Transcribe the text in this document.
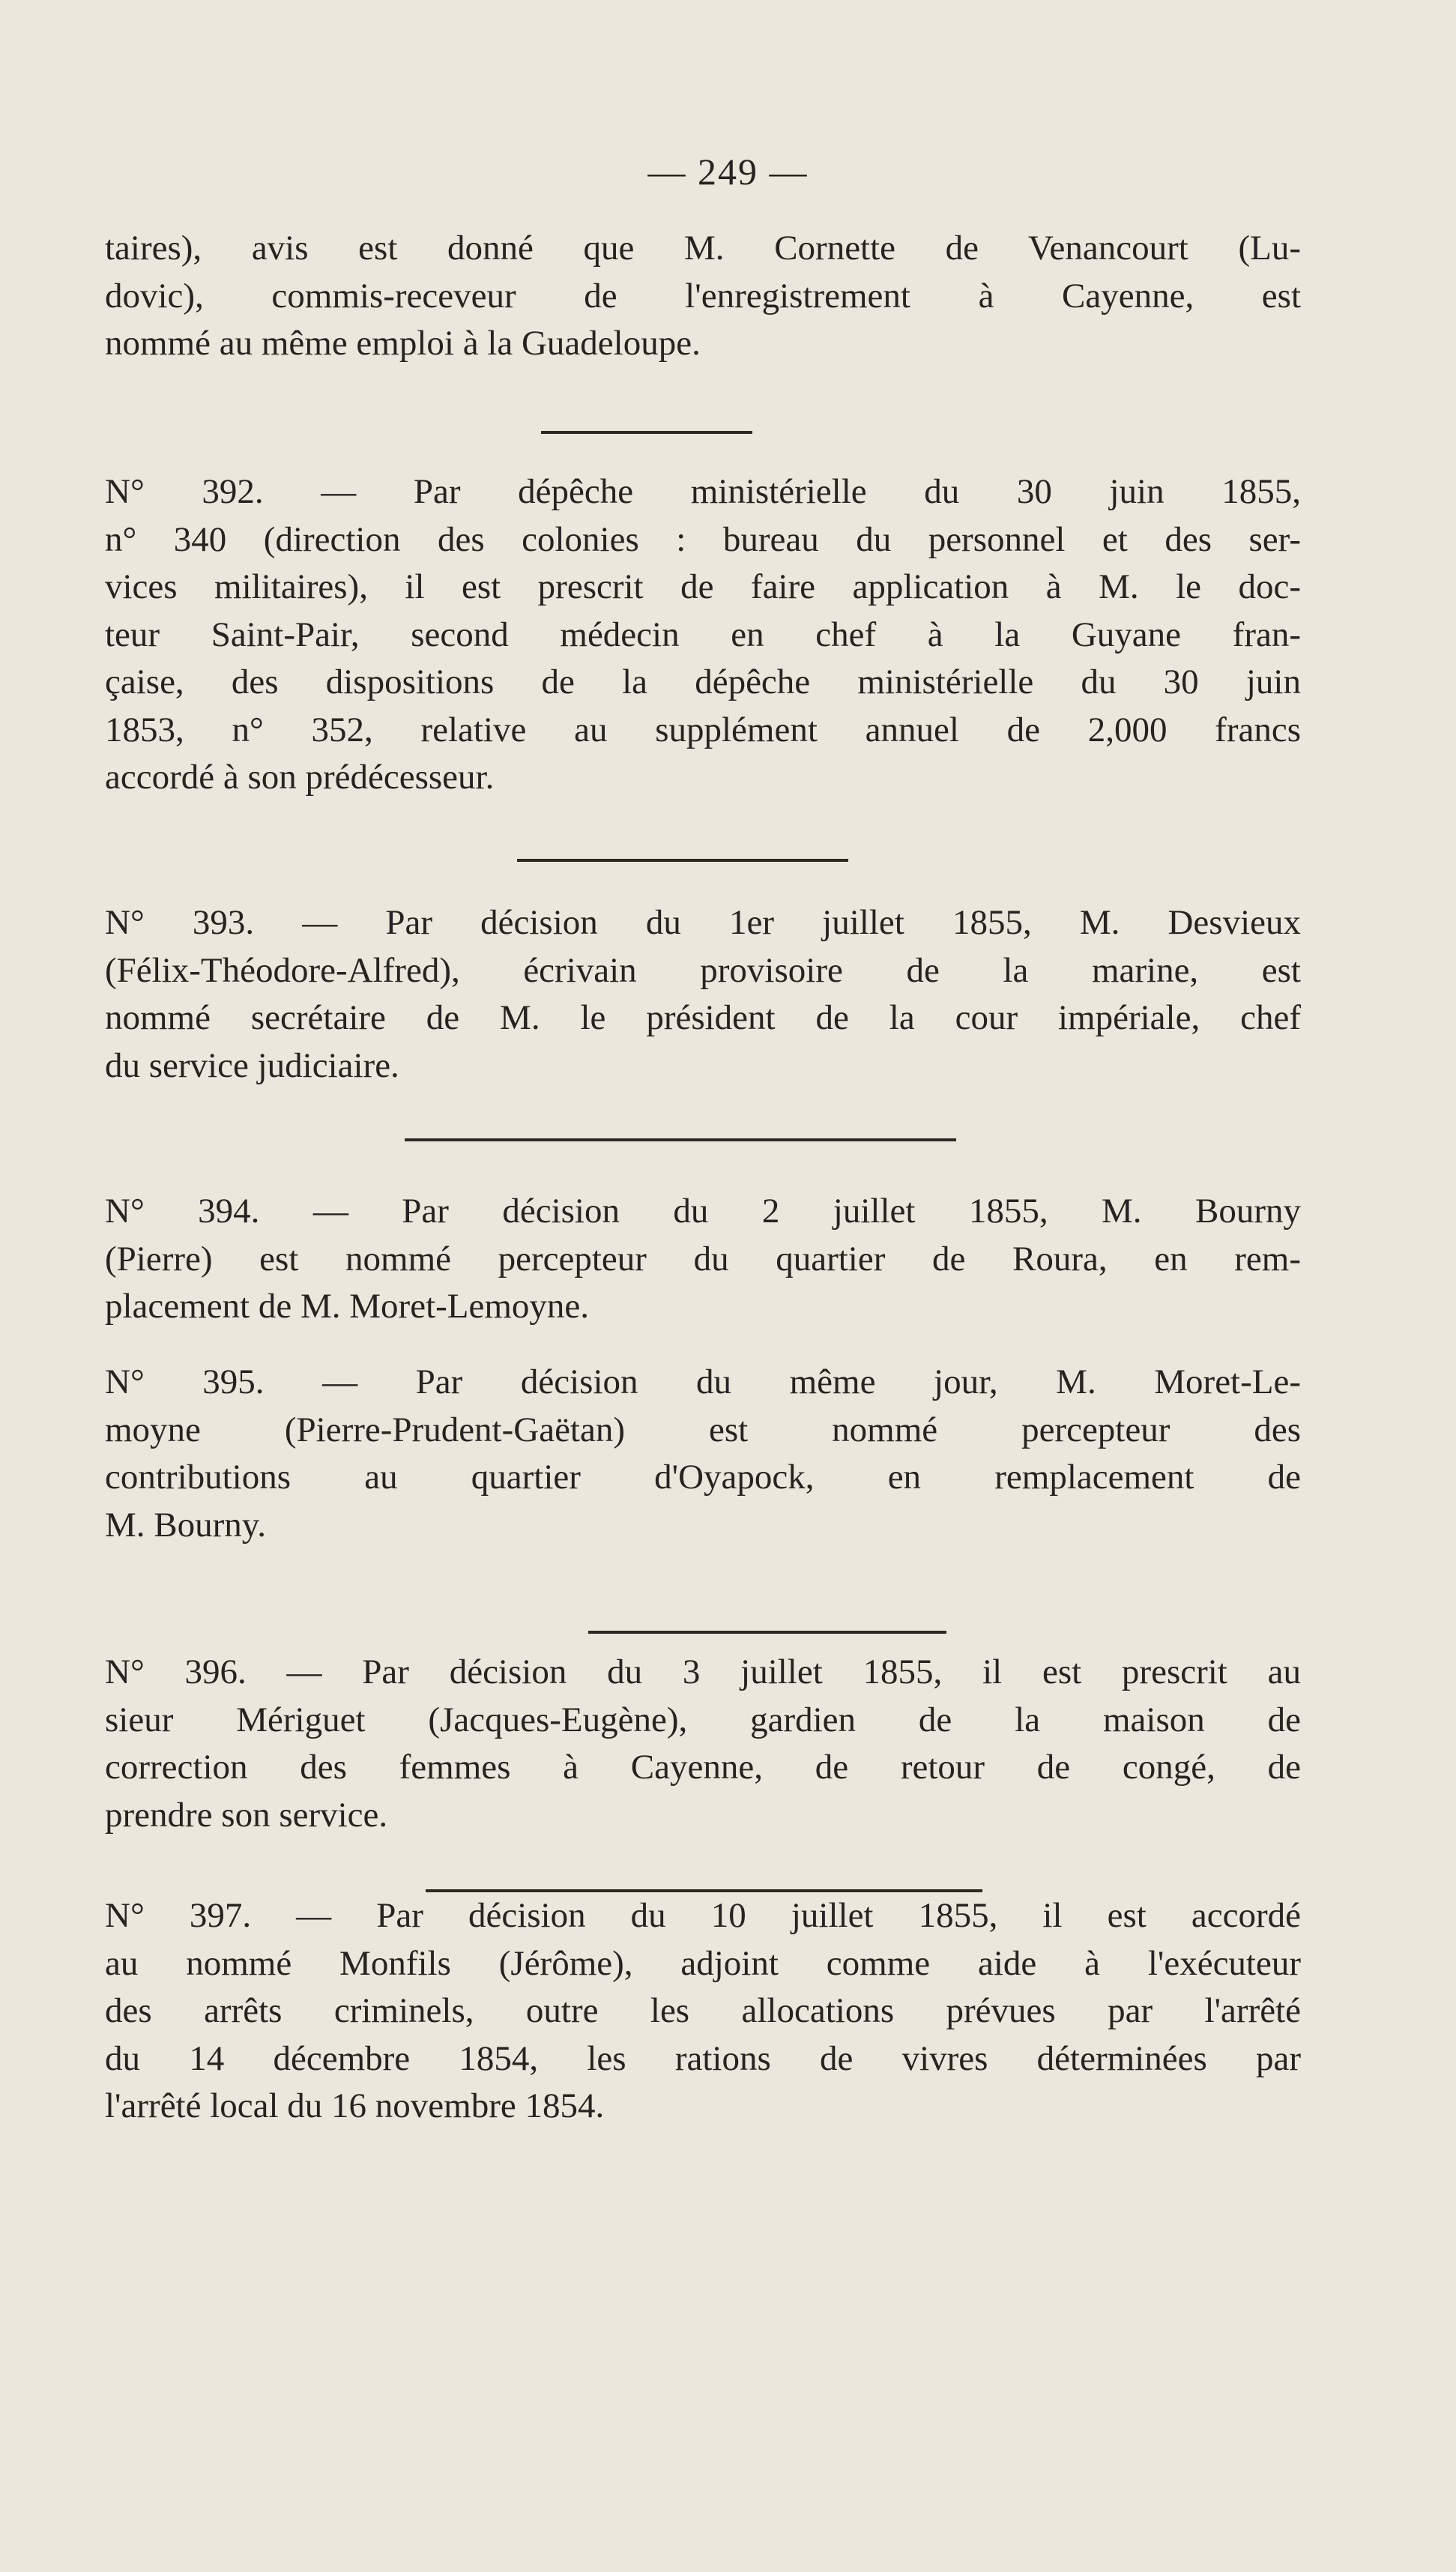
— 249 —
taires), avis est donné que M. Cornette de Venancourt (Lu-
dovic), commis-receveur de l'enregistrement à Cayenne, est
nommé au même emploi à la Guadeloupe.
N° 392. — Par dépêche ministérielle du 30 juin 1855,
n° 340 (direction des colonies : bureau du personnel et des ser-
vices militaires), il est prescrit de faire application à M. le doc-
teur Saint-Pair, second médecin en chef à la Guyane fran-
çaise, des dispositions de la dépêche ministérielle du 30 juin
1853, n° 352, relative au supplément annuel de 2,000 francs
accordé à son prédécesseur.
N° 393. — Par décision du 1er juillet 1855, M. Desvieux
(Félix-Théodore-Alfred), écrivain provisoire de la marine, est
nommé secrétaire de M. le président de la cour impériale, chef
du service judiciaire.
N° 394. — Par décision du 2 juillet 1855, M. Bourny
(Pierre) est nommé percepteur du quartier de Roura, en rem-
placement de M. Moret-Lemoyne.
N° 395. — Par décision du même jour, M. Moret-Le-
moyne (Pierre-Prudent-Gaëtan) est nommé percepteur des
contributions au quartier d'Oyapock, en remplacement de
M. Bourny.
N° 396. — Par décision du 3 juillet 1855, il est prescrit au
sieur Mériguet (Jacques-Eugène), gardien de la maison de
correction des femmes à Cayenne, de retour de congé, de
prendre son service.
N° 397. — Par décision du 10 juillet 1855, il est accordé
au nommé Monfils (Jérôme), adjoint comme aide à l'exécuteur
des arrêts criminels, outre les allocations prévues par l'arrêté
du 14 décembre 1854, les rations de vivres déterminées par
l'arrêté local du 16 novembre 1854.
